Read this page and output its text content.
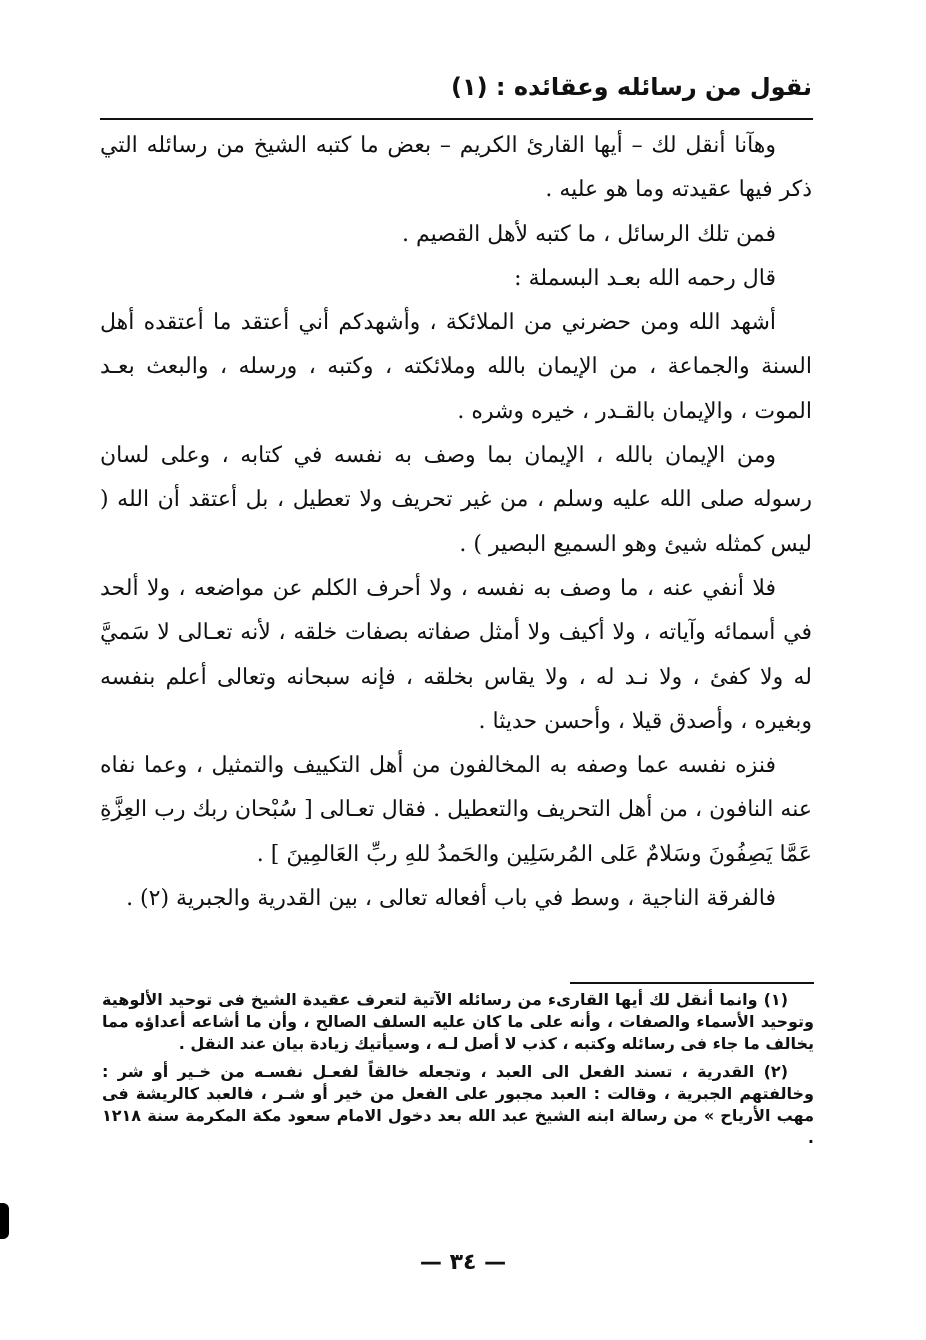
نقول من رسائله وعقائده : (١)

وهآنا أنقل لك – أيها القارئ الكريم – بعض ما كتبه الشيخ من رسائله التي ذكر فيها عقيدته وما هو عليه .

فمن تلك الرسائل ، ما كتبه لأهل القصيم .

قال رحمه الله بعـد البسملة :

أشهد الله ومن حضرني من الملائكة ، وأشهدكم أني أعتقد ما أعتقده أهل السنة والجماعة ، من الإيمان بالله وملائكته ، وكتبه ، ورسله ، والبعث بعـد الموت ، والإيمان بالقـدر ، خيره وشره .

ومن الإيمان بالله ، الإيمان بما وصف به نفسه في كتابه ، وعلى لسان رسوله صلى الله عليه وسلم ، من غير تحريف ولا تعطيل ، بل أعتقد أن الله ( ليس كمثله شيئ وهو السميع البصير ) .

فلا أنفي عنه ، ما وصف به نفسه ، ولا أحرف الكلم عن مواضعه ، ولا ألحد في أسمائه وآياته ، ولا أكيف ولا أمثل صفاته بصفات خلقه ، لأنه تعـالى لا سَميَّ له ولا كفئ ، ولا نـد له ، ولا يقاس بخلقه ، فإنه سبحانه وتعالى أعلم بنفسه وبغيره ، وأصدق قيلا ، وأحسن حديثا .

فنزه نفسه عما وصفه به المخالفون من أهل التكييف والتمثيل ، وعما نفاه عنه النافون ، من أهل التحريف والتعطيل . فقال تعـالى [ سُبْحان ربك رب العِزَّةِ عَمَّا يَصِفُونَ وسَلامٌ عَلى المُرسَلِين والحَمدُ للهِ ربِّ العَالمِينَ ] .

فالفرقة الناجية ، وسط في باب أفعاله تعالى ، بين القدرية والجبرية (٢) .

(١) وانما أنقل لك أيها القارىء من رسائله الآتية لتعرف عقيدة الشيخ فى توحيد الألوهية وتوحيد الأسماء والصفات ، وأنه على ما كان عليه السلف الصالح ، وأن ما أشاعه أعداؤه مما يخالف ما جاء فى رسائله وكتبه ، كذب لا أصل لـه ، وسيأتيك زيادة بيان عند النقل .

(٢) القدرية ، تسند الفعل الى العبد ، وتجعله خالقاً لفعـل نفسـه من خـير أو شر : وخالفتهم الجبرية ، وقالت : العبد مجبور على الفعل من خير أو شـر ، فالعبد كالريشة فى مهب الأرياح » من رسالة ابنه الشيخ عبد الله بعد دخول الامام سعود مكة المكرمة سنة ١٢١٨ .

— ٣٤ —
